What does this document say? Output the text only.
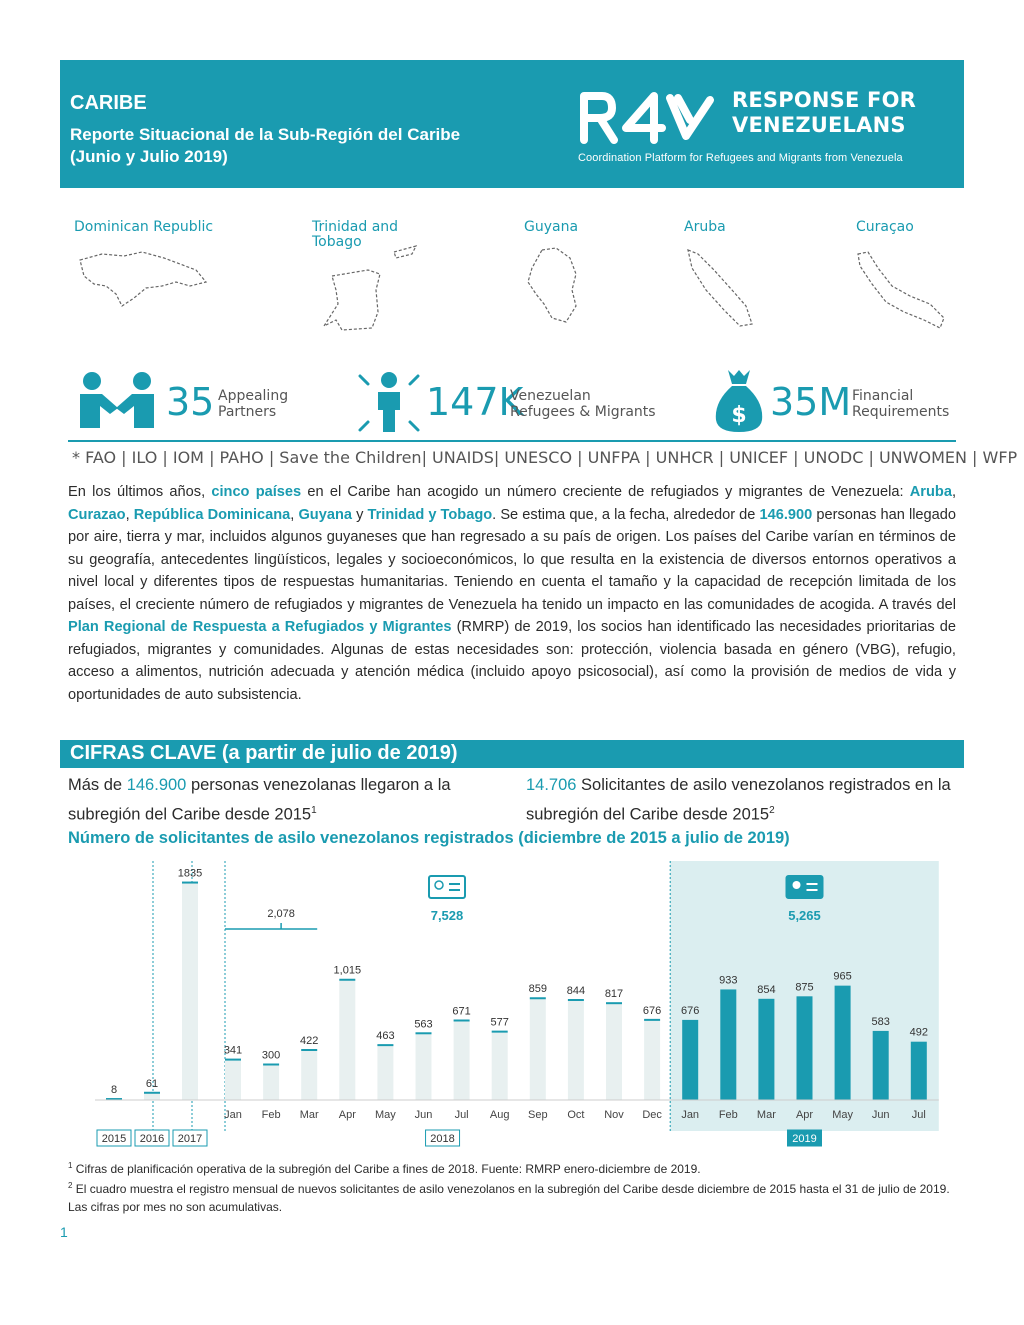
CARIBE
Reporte Situacional de la Sub-Región del Caribe (Junio y Julio 2019)
RESPONSE FOR
VENEZUELANS
Coordination Platform for Refugees and Migrants from Venezuela
Dominican Republic	Trinidad and Tobago
Guyana	Aruba	Curaçao
35 Appealing Partners	147K
Venezuelan Refugees & Migrants	$ 35M Financial Requirements
* FAO | ILO | IOM | PAHO | Save the Children| UNAIDS| UNESCO | UNFPA | UNHCR | UNICEF | UNODC | UNWOMEN | WFP
En los últimos años, cinco países en el Caribe han acogido un número creciente de refugiados y migrantes de Venezuela: Aruba, Curazao, República Dominicana, Guyana y Trinidad y Tobago. Se estima que, a la fecha, alrededor de 146.900 personas han llegado por aire, tierra y mar, incluidos algunos guyaneses que han regresado a su país de origen. Los países del Caribe varían en términos de su geografía, antecedentes lingüísticos, legales y socioeconómicos, lo que resulta en la existencia de diversos entornos operativos a nivel local y diferentes tipos de respuestas humanitarias. Teniendo en cuenta el tamaño y la capacidad de recepción limitada de los países, el creciente número de refugiados y migrantes de Venezuela ha tenido un impacto en las comunidades de acogida. A través del Plan Regional de Respuesta a Refugiados y Migrantes (RMRP) de 2019, los socios han identificado las necesidades prioritarias de refugiados, migrantes y comunidades. Algunas de estas necesidades son: protección, violencia basada en género (VBG), refugio, acceso a alimentos, nutrición adecuada y atención médica (incluido apoyo psicosocial), así como la provisión de medios de vida y oportunidades de auto subsistencia.
CIFRAS CLAVE (a partir de julio de 2019)
Más de 146.900 personas venezolanas llegaron a la subregión del Caribe desde 2015$^1$
14.706 Solicitantes de asilo venezolanos registrados en la subregión del Caribe desde 2015$^2$
Número de solicitantes de asilo venezolanos registrados (diciembre de 2015 a julio de 2019)
8
61
1835
341 300
422
1,015
463
563
671
577
859 844 817
676 676
933
854 875
965
583
492
Jan Feb Mar Apr May Jun Jul Aug Sep Oct Nov Dec Jan Feb Mar Apr May Jun Jul
2015 2016 2017	2018	2019
2,078	7,528	5,265
$^1$ Cifras de planificación operativa de la subregión del Caribe a fines de 2018. Fuente: RMRP enero-diciembre de 2019.
$^2$ El cuadro muestra el registro mensual de nuevos solicitantes de asilo venezolanos en la subregión del Caribe desde diciembre de 2015 hasta el 31 de julio de 2019. Las cifras por mes no son acumulativas.
1
